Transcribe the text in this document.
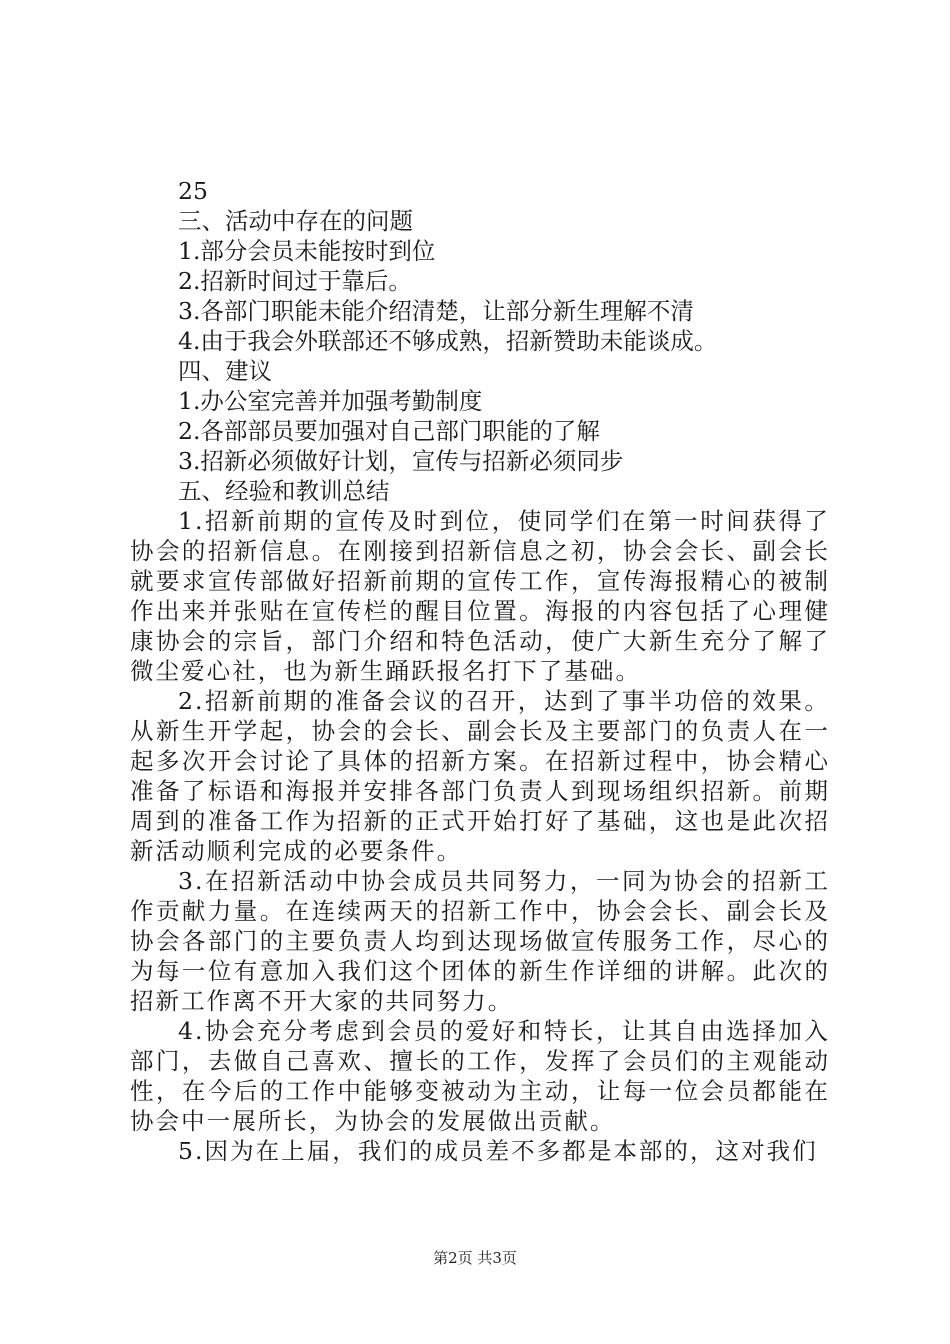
25
三、活动中存在的问题
1.部分会员未能按时到位
2.招新时间过于靠后。
3.各部门职能未能介绍清楚，让部分新生理解不清
4.由于我会外联部还不够成熟，招新赞助未能谈成。
四、建议
1.办公室完善并加强考勤制度
2.各部部员要加强对自己部门职能的了解
3.招新必须做好计划，宣传与招新必须同步
五、经验和教训总结

1.招新前期的宣传及时到位，使同学们在第一时间获得了协会的招新信息。在刚接到招新信息之初，协会会长、副会长就要求宣传部做好招新前期的宣传工作，宣传海报精心的被制作出来并张贴在宣传栏的醒目位置。海报的内容包括了心理健康协会的宗旨，部门介绍和特色活动，使广大新生充分了解了微尘爱心社，也为新生踊跃报名打下了基础。

2.招新前期的准备会议的召开，达到了事半功倍的效果。从新生开学起，协会的会长、副会长及主要部门的负责人在一起多次开会讨论了具体的招新方案。在招新过程中，协会精心准备了标语和海报并安排各部门负责人到现场组织招新。前期周到的准备工作为招新的正式开始打好了基础，这也是此次招新活动顺利完成的必要条件。

3.在招新活动中协会成员共同努力，一同为协会的招新工作贡献力量。在连续两天的招新工作中，协会会长、副会长及协会各部门的主要负责人均到达现场做宣传服务工作，尽心的为每一位有意加入我们这个团体的新生作详细的讲解。此次的招新工作离不开大家的共同努力。

4.协会充分考虑到会员的爱好和特长，让其自由选择加入部门，去做自己喜欢、擅长的工作，发挥了会员们的主观能动性，在今后的工作中能够变被动为主动，让每一位会员都能在协会中一展所长，为协会的发展做出贡献。

5.因为在上届，我们的成员差不多都是本部的，这对我们

第2页 共3页
